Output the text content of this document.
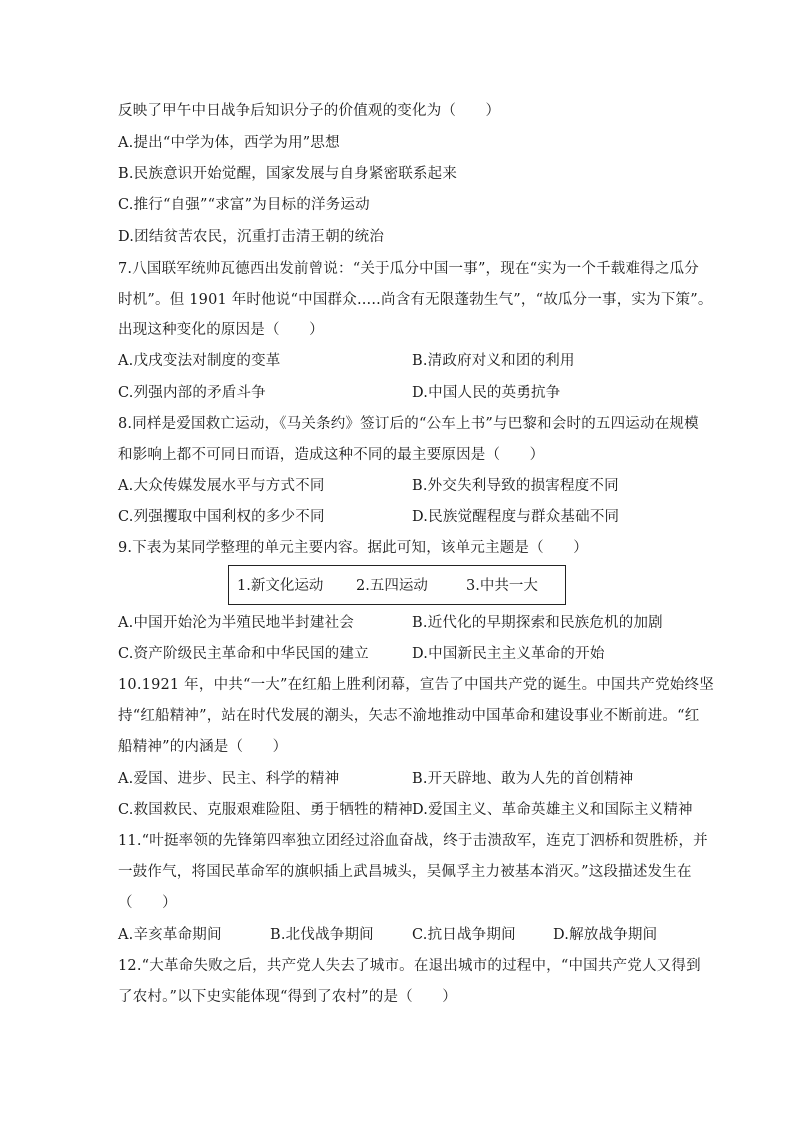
反映了甲午中日战争后知识分子的价值观的变化为（　　）
A.提出“中学为体，西学为用”思想
B.民族意识开始觉醒，国家发展与自身紧密联系起来
C.推行“自强”“求富”为目标的洋务运动
D.团结贫苦农民，沉重打击清王朝的统治
7.八国联军统帅瓦德西出发前曾说：“关于瓜分中国一事”，现在“实为一个千载难得之瓜分
时机”。但 1901 年时他说“中国群众.....尚含有无限蓬勃生气”，“故瓜分一事，实为下策”。
出现这种变化的原因是（　　）
A.戊戌变法对制度的变革	B.清政府对义和团的利用
C.列强内部的矛盾斗争	D.中国人民的英勇抗争
8.同样是爱国救亡运动，《马关条约》签订后的“公车上书”与巴黎和会时的五四运动在规模
和影响上都不可同日而语，造成这种不同的最主要原因是（　　）
A.大众传媒发展水平与方式不同	B.外交失利导致的损害程度不同
C.列强攫取中国利权的多少不同	D.民族觉醒程度与群众基础不同
9.下表为某同学整理的单元主要内容。据此可知，该单元主题是（　　）
1.新文化运动 2.五四运动	3.中共一大
A.中国开始沦为半殖民地半封建社会	B.近代化的早期探索和民族危机的加剧
C.资产阶级民主革命和中华民国的建立	D.中国新民主主义革命的开始
10.1921 年，中共“一大”在红船上胜利闭幕，宣告了中国共产党的诞生。中国共产党始终坚
持“红船精神”，站在时代发展的潮头，矢志不渝地推动中国革命和建设事业不断前进。“红
船精神”的内涵是（　　）
A.爱国、进步、民主、科学的精神	B.开天辟地、敢为人先的首创精神
C.救国救民、克服艰难险阻、勇于牺牲的精神 D.爱国主义、革命英雄主义和国际主义精神
11.“叶挺率领的先锋第四率独立团经过浴血奋战，终于击溃敌军，连克丁泗桥和贺胜桥，并
一鼓作气，将国民革命军的旗帜插上武昌城头，吴佩孚主力被基本消灭。”这段描述发生在
（　　）
A.辛亥革命期间	B.北伐战争期间	C.抗日战争期间	D.解放战争期间
12.“大革命失败之后，共产党人失去了城市。在退出城市的过程中，“中国共产党人又得到
了农村。”以下史实能体现“得到了农村”的是（　　）
